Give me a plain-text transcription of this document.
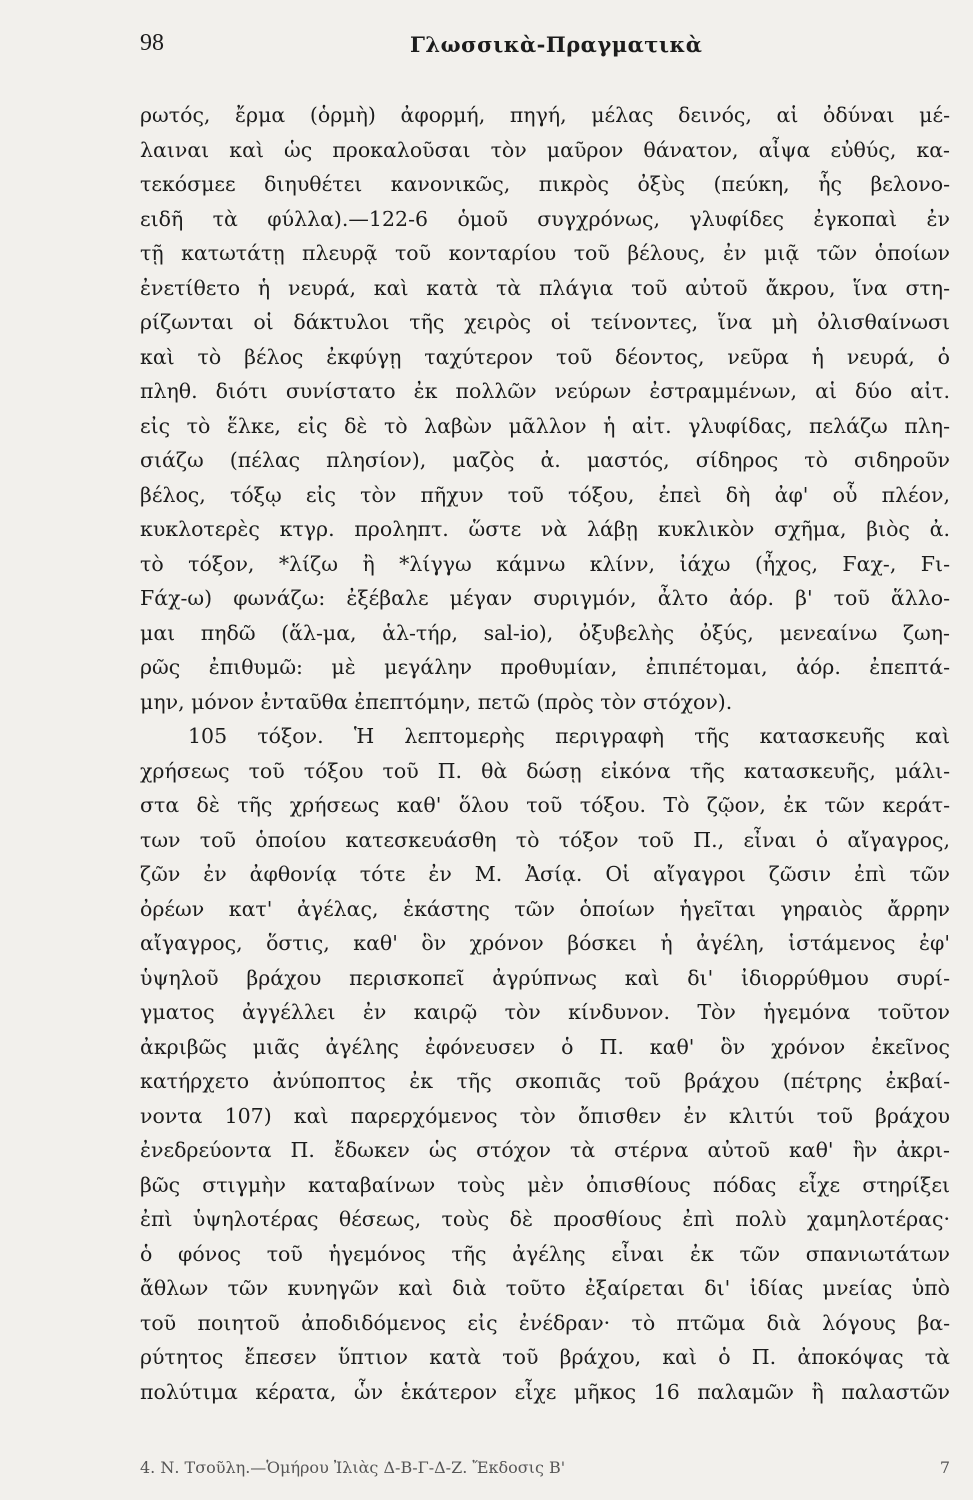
98	Γλωσσικὰ-Πραγματικὰ
ρωτός, ἔρμα (ὁρμὴ) ἀφορμή, πηγή, μέλας δεινός, αἱ ὀδύναι μέ-
λαιναι καὶ ὡς προκαλοῦσαι τὸν μαῦρον θάνατον, αἶψα εὐθύς, κα-
τεκόσμεε διηυθέτει κανονικῶς, πικρὸς ὀξὺς (πεύκη, ἧς βελονο-
ειδῆ τὰ φύλλα).—122-6 ὁμοῦ συγχρόνως, γλυφίδες ἐγκοπαὶ ἐν
τῇ κατωτάτῃ πλευρᾷ τοῦ κονταρίου τοῦ βέλους, ἐν μιᾷ τῶν ὁποίων
ἐνετίθετο ἡ νευρά, καὶ κατὰ τὰ πλάγια τοῦ αὐτοῦ ἄκρου, ἵνα στη-
ρίζωνται οἱ δάκτυλοι τῆς χειρὸς οἱ τείνοντες, ἵνα μὴ ὀλισθαίνωσι
καὶ τὸ βέλος ἐκφύγῃ ταχύτερον τοῦ δέοντος, νεῦρα ἡ νευρά, ὁ
πληθ. διότι συνίστατο ἐκ πολλῶν νεύρων ἐστραμμένων, αἱ δύο αἰτ.
εἰς τὸ ἕλκε, εἰς δὲ τὸ λαβὼν μᾶλλον ἡ αἰτ. γλυφίδας, πελάζω πλη-
σιάζω (πέλας πλησίον), μαζὸς ἀ. μαστός, σίδηρος τὸ σιδηροῦν
βέλος, τόξῳ εἰς τὸν πῆχυν τοῦ τόξου, ἐπεὶ δὴ ἀφ' οὗ πλέον,
κυκλοτερὲς κτγρ. προληπτ. ὥστε νὰ λάβῃ κυκλικὸν σχῆμα, βιὸς ἀ.
τὸ τόξον, *λίζω ἢ *λίγγω κάμνω κλίνν, ἰάχω (ἦχος, Ϝαχ-, Ϝι-
Ϝάχ-ω) φωνάζω: ἐξέβαλε μέγαν συριγμόν, ἆλτο ἀόρ. β' τοῦ ἅλλο-
μαι πηδῶ (ἅλ-μα, ἁλ-τήρ, sal-io), ὀξυβελὴς ὀξύς, μενεαίνω ζωη-
ρῶς ἐπιθυμῶ: μὲ μεγάλην προθυμίαν, ἐπιπέτομαι, ἀόρ. ἐπεπτά-
μην, μόνον ἐνταῦθα ἐπεπτόμην, πετῶ (πρὸς τὸν στόχον).
105 τόξον. Ἡ λεπτομερὴς περιγραφὴ τῆς κατασκευῆς καὶ
χρήσεως τοῦ τόξου τοῦ Π. θὰ δώσῃ εἰκόνα τῆς κατασκευῆς, μάλι-
στα δὲ τῆς χρήσεως καθ' ὅλου τοῦ τόξου. Τὸ ζῷον, ἐκ τῶν κεράτ-
των τοῦ ὁποίου κατεσκευάσθη τὸ τόξον τοῦ Π., εἶναι ὁ αἴγαγρος,
ζῶν ἐν ἀφθονίᾳ τότε ἐν Μ. Ἀσίᾳ. Οἱ αἴγαγροι ζῶσιν ἐπὶ τῶν
ὀρέων κατ' ἀγέλας, ἑκάστης τῶν ὁποίων ἡγεῖται γηραιὸς ἄρρην
αἴγαγρος, ὅστις, καθ' ὃν χρόνον βόσκει ἡ ἀγέλη, ἱστάμενος ἐφ'
ὑψηλοῦ βράχου περισκοπεῖ ἀγρύπνως καὶ δι' ἰδιορρύθμου συρί-
γματος ἀγγέλλει ἐν καιρῷ τὸν κίνδυνον. Τὸν ἡγεμόνα τοῦτον
ἀκριβῶς μιᾶς ἀγέλης ἐφόνευσεν ὁ Π. καθ' ὃν χρόνον ἐκεῖνος
κατήρχετο ἀνύποπτος ἐκ τῆς σκοπιᾶς τοῦ βράχου (πέτρης ἐκβαί-
νοντα 107) καὶ παρερχόμενος τὸν ὄπισθεν ἐν κλιτύι τοῦ βράχου
ἐνεδρεύοντα Π. ἔδωκεν ὡς στόχον τὰ στέρνα αὐτοῦ καθ' ἣν ἀκρι-
βῶς στιγμὴν καταβαίνων τοὺς μὲν ὀπισθίους πόδας εἶχε στηρίξει
ἐπὶ ὑψηλοτέρας θέσεως, τοὺς δὲ προσθίους ἐπὶ πολὺ χαμηλοτέρας·
ὁ φόνος τοῦ ἡγεμόνος τῆς ἀγέλης εἶναι ἐκ τῶν σπανιωτάτων
ἄθλων τῶν κυνηγῶν καὶ διὰ τοῦτο ἐξαίρεται δι' ἰδίας μνείας ὑπὸ
τοῦ ποιητοῦ ἀποδιδόμενος εἰς ἐνέδραν· τὸ πτῶμα διὰ λόγους βα-
ρύτητος ἔπεσεν ὕπτιον κατὰ τοῦ βράχου, καὶ ὁ Π. ἀποκόψας τὰ
πολύτιμα κέρατα, ὧν ἑκάτερον εἶχε μῆκος 16 παλαμῶν ἢ παλαστῶν
4. Ν. Τσοῦλη.—Ὁμήρου Ἰλιὰς Δ-Β-Γ-Δ-Ζ. Ἔκδοσις Β'	7
